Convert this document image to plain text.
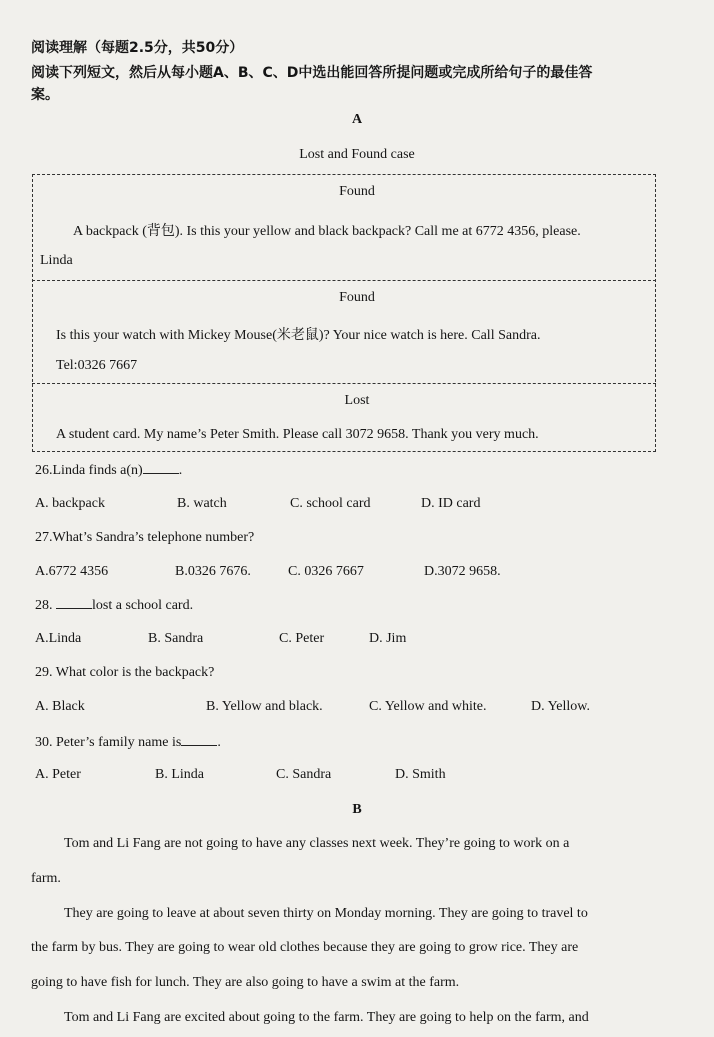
阅读理解（每题2.5分，共50分）
阅读下列短文，然后从每小题A、B、C、D中选出能回答所提问题或完成所给句子的最佳答
案。
A
Lost and Found case
Found
A backpack (背包). Is this your yellow and black backpack? Call me at 6772 4356, please.
Linda
Found
Is this your watch with Mickey Mouse(米老鼠)? Your nice watch is here. Call Sandra.
Tel:0326 7667
Lost
A student card. My name’s Peter Smith. Please call 3072 9658. Thank you very much.
26.Linda finds a(n)	.
A. backpack	B. watch	C. school card	D. ID card
27.What’s Sandra’s telephone number?
A.6772 4356	B.0326 7676.	C. 0326 7667	D.3072 9658.
28.	lost a school card.
A.Linda	B. Sandra	C. Peter	D. Jim
29. What color is the backpack?
A. Black	B. Yellow and black.	C. Yellow and white.	D. Yellow.
30. Peter’s family name is	.
A. Peter	B. Linda	C. Sandra	D. Smith
B
Tom and Li Fang are not going to have any classes next week. They’re going to work on a
farm.
They are going to leave at about seven thirty on Monday morning. They are going to travel to
the farm by bus. They are going to wear old clothes because they are going to grow rice. They are
going to have fish for lunch. They are also going to have a swim at the farm.
Tom and Li Fang are excited about going to the farm. They are going to help on the farm, and
